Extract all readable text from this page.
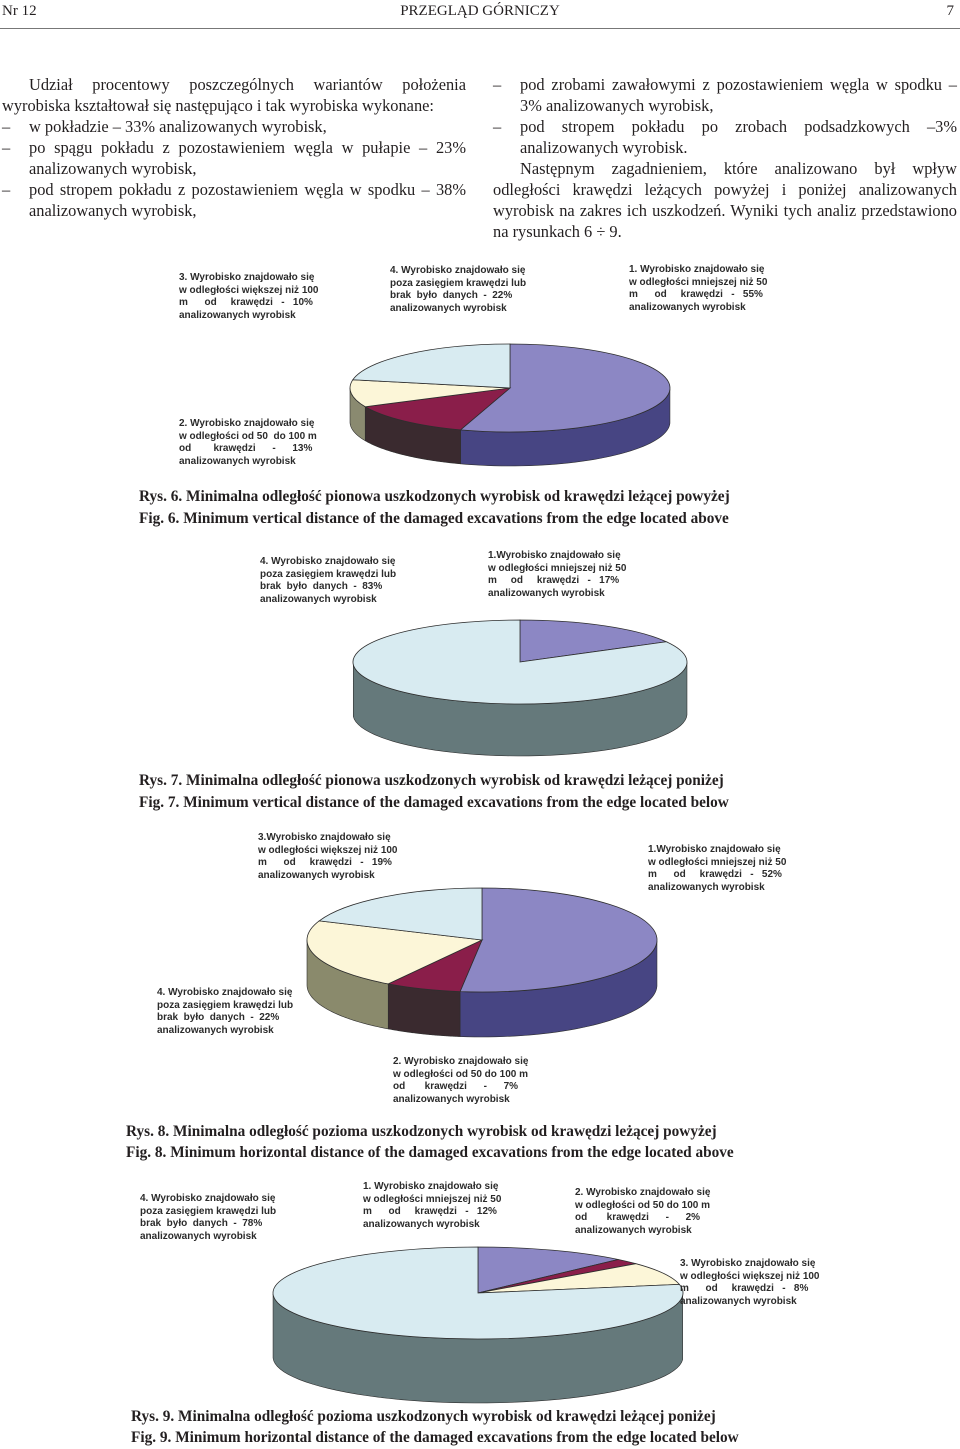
Nr 12	PRZEGLĄD GÓRNICZY	7

Udział procentowy poszczególnych wariantów położenia wyrobiska kształtował się następująco i tak wyrobiska wykonane:

– w pokładzie – 33% analizowanych wyrobisk,

– po spągu pokładu z pozostawieniem węgla w pułapie – 23% analizowanych wyrobisk,

– pod stropem pokładu z pozostawieniem węgla w spodku – 38% analizowanych wyrobisk,

– pod zrobami zawałowymi z pozostawieniem węgla w spodku – 3% analizowanych wyrobisk,

– pod stropem pokładu po zrobach podsadzkowych –3% analizowanych wyrobisk.

Następnym zagadnieniem, które analizowano był wpływ odległości krawędzi leżących powyżej i poniżej analizowanych wyrobisk na zakres ich uszkodzeń. Wyniki tych analiz przedstawiono na rysunkach 6 ÷ 9.

3. Wyrobisko znajdowało się
w odległości większej niż 100
m      od     krawędzi   -   10%
analizowanych wyrobisk
4. Wyrobisko znajdowało się
poza zasięgiem krawędzi lub
brak  było  danych  -  22%
analizowanych wyrobisk
1. Wyrobisko znajdowało się
w odległości mniejszej niż 50
m      od     krawędzi   -   55%
analizowanych wyrobisk
2. Wyrobisko znajdowało się
w odległości od 50  do 100 m
od        krawędzi      -      13%
analizowanych wyrobisk
Rys. 6. Minimalna odległość pionowa uszkodzonych wyrobisk od krawędzi leżącej powyżej
Fig. 6. Minimum vertical distance of the damaged excavations from the edge located above
4. Wyrobisko znajdowało się
poza zasięgiem krawędzi lub
brak  było  danych  -  83%
analizowanych wyrobisk
1.Wyrobisko znajdowało się
w odległości mniejszej niż 50
m     od     krawędzi   -   17%
analizowanych wyrobisk
Rys. 7. Minimalna odległość pionowa uszkodzonych wyrobisk od krawędzi leżącej poniżej
Fig. 7. Minimum vertical distance of the damaged excavations from the edge located below
3.Wyrobisko znajdowało się
w odległości większej niż 100
m      od     krawędzi   -   19%
analizowanych wyrobisk
1.Wyrobisko znajdowało się
w odległości mniejszej niż 50
m      od     krawędzi   -   52%
analizowanych wyrobisk
4. Wyrobisko znajdowało się
poza zasięgiem krawędzi lub
brak  było  danych  -  22%
analizowanych wyrobisk
2. Wyrobisko znajdowało się
w odległości od 50 do 100 m
od       krawędzi      -      7%
analizowanych wyrobisk
Rys. 8. Minimalna odległość pozioma uszkodzonych wyrobisk od krawędzi leżącej powyżej
Fig. 8. Minimum horizontal distance of the damaged excavations from the edge located above
4. Wyrobisko znajdowało się
poza zasięgiem krawędzi lub
brak  było  danych  -  78%
analizowanych wyrobisk
1. Wyrobisko znajdowało się
w odległości mniejszej niż 50
m      od     krawędzi   -   12%
analizowanych wyrobisk
2. Wyrobisko znajdowało się
w odległości od 50 do 100 m
od       krawędzi      -      2%
analizowanych wyrobisk
3. Wyrobisko znajdowało się
w odległości większej niż 100
m      od     krawędzi   -   8%
analizowanych wyrobisk
Rys. 9. Minimalna odległość pozioma uszkodzonych wyrobisk od krawędzi leżącej poniżej
Fig. 9. Minimum horizontal distance of the damaged excavations from the edge located below
